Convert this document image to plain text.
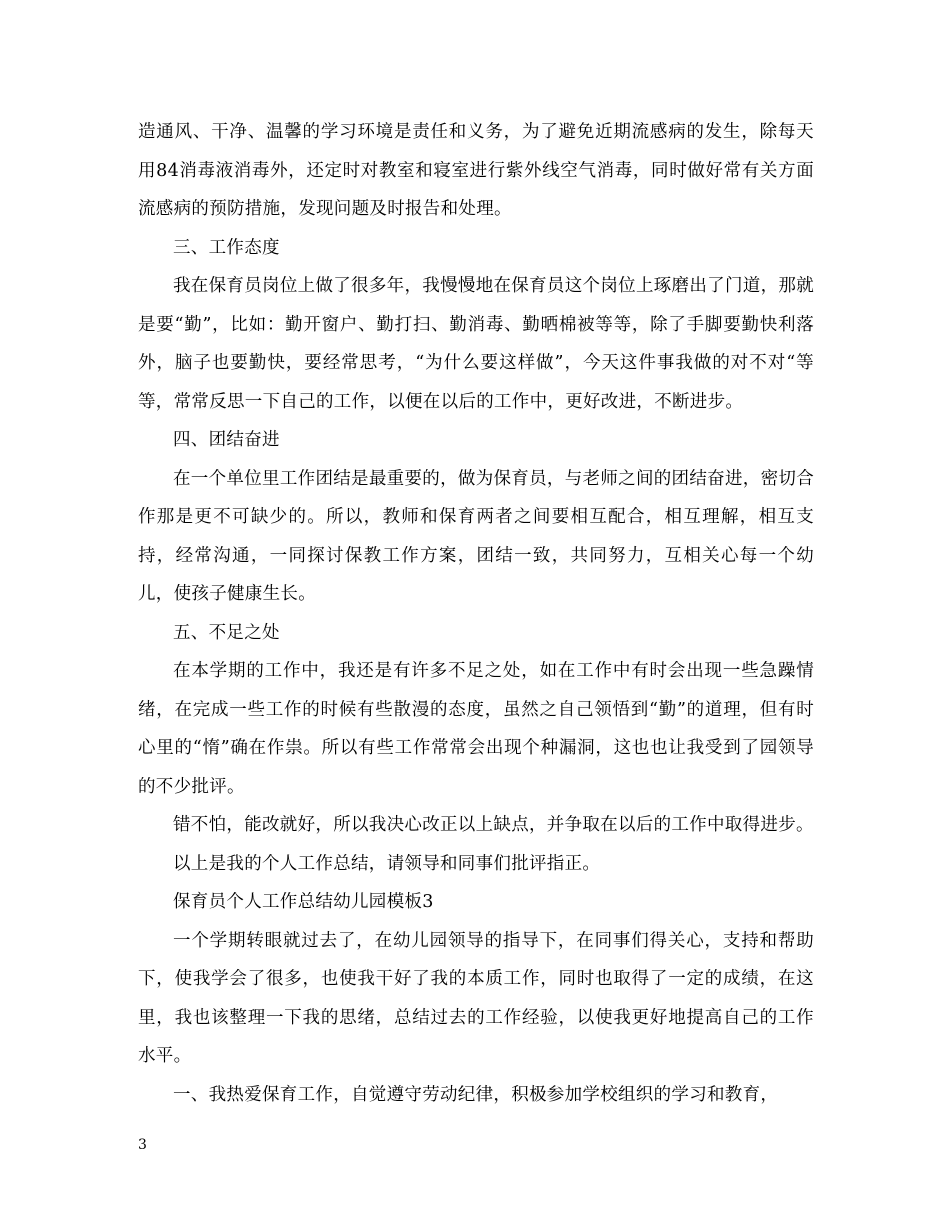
造通风、干净、温馨的学习环境是责任和义务，为了避免近期流感病的发生，除每天用84消毒液消毒外，还定时对教室和寝室进行紫外线空气消毒，同时做好常有关方面流感病的预防措施，发现问题及时报告和处理。

三、工作态度

我在保育员岗位上做了很多年，我慢慢地在保育员这个岗位上琢磨出了门道，那就是要“勤”，比如：勤开窗户、勤打扫、勤消毒、勤晒棉被等等，除了手脚要勤快利落外，脑子也要勤快，要经常思考，“为什么要这样做”，今天这件事我做的对不对“等等，常常反思一下自己的工作，以便在以后的工作中，更好改进，不断进步。

四、团结奋进

在一个单位里工作团结是最重要的，做为保育员，与老师之间的团结奋进，密切合作那是更不可缺少的。所以，教师和保育两者之间要相互配合，相互理解，相互支持，经常沟通，一同探讨保教工作方案，团结一致，共同努力，互相关心每一个幼儿，使孩子健康生长。

五、不足之处

在本学期的工作中，我还是有许多不足之处，如在工作中有时会出现一些急躁情绪，在完成一些工作的时候有些散漫的态度，虽然之自己领悟到“勤”的道理，但有时心里的“惰”确在作祟。所以有些工作常常会出现个种漏洞，这也也让我受到了园领导的不少批评。

错不怕，能改就好，所以我决心改正以上缺点，并争取在以后的工作中取得进步。

以上是我的个人工作总结，请领导和同事们批评指正。

保育员个人工作总结幼儿园模板3

一个学期转眼就过去了，在幼儿园领导的指导下，在同事们得关心，支持和帮助下，使我学会了很多，也使我干好了我的本质工作，同时也取得了一定的成绩，在这里，我也该整理一下我的思绪，总结过去的工作经验，以使我更好地提高自己的工作水平。

一、我热爱保育工作，自觉遵守劳动纪律，积极参加学校组织的学习和教育，

3
